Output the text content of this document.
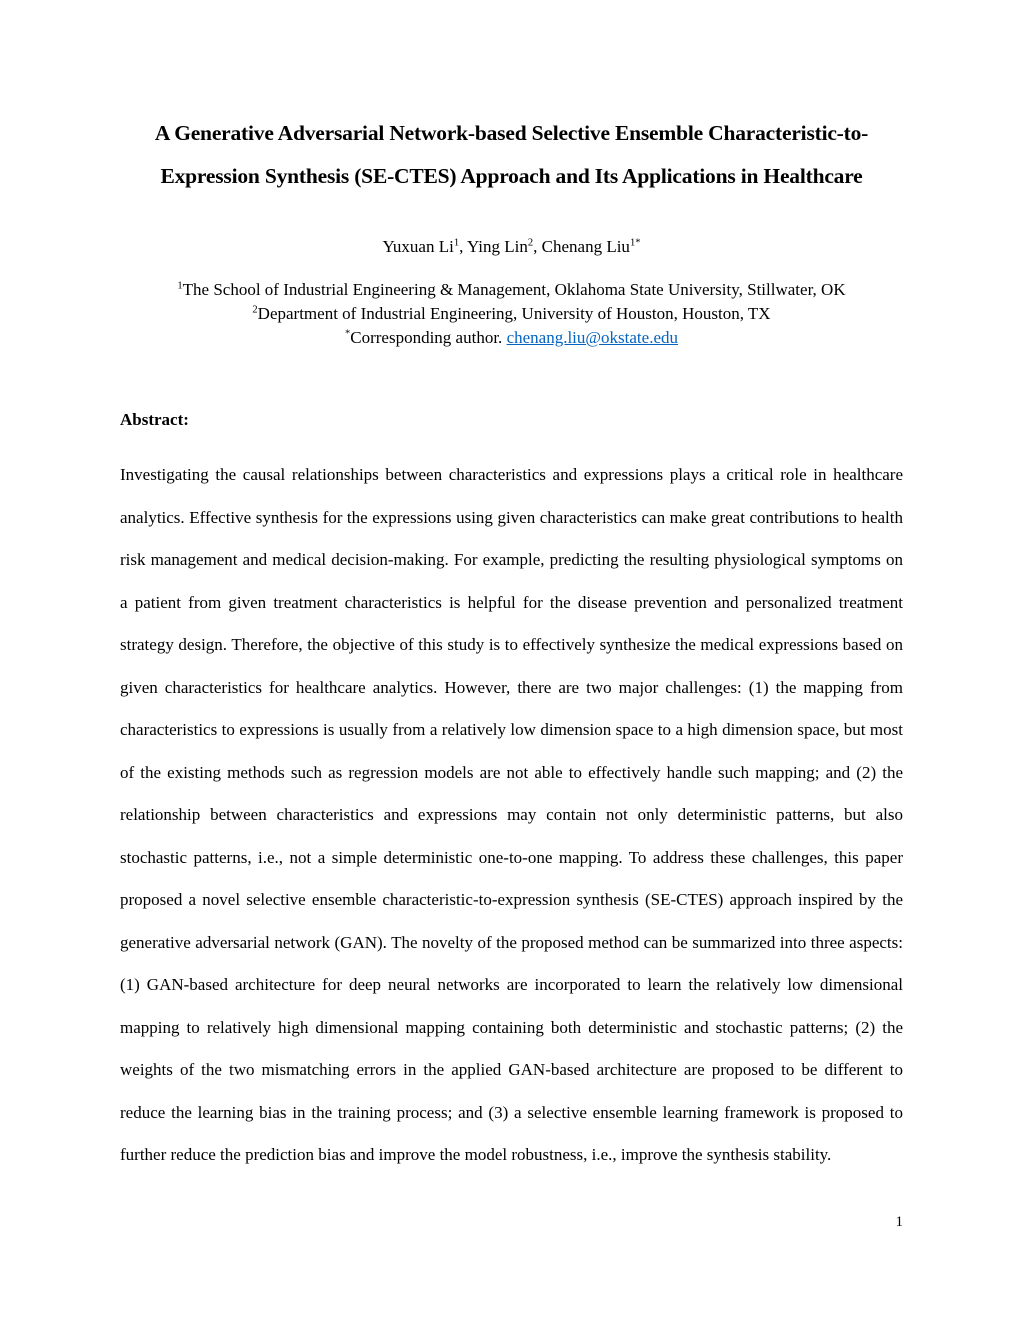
A Generative Adversarial Network-based Selective Ensemble Characteristic-to-
Expression Synthesis (SE-CTES) Approach and Its Applications in Healthcare

Yuxuan Li$^1$, Ying Lin$^2$, Chenang Liu$^{1*}$

$^1$The School of Industrial Engineering & Management, Oklahoma State University, Stillwater, OK
$^2$Department of Industrial Engineering, University of Houston, Houston, TX
*Corresponding author. chenang.liu@okstate.edu
Abstract:

Investigating the causal relationships between characteristics and expressions plays a critical role in healthcare analytics. Effective synthesis for the expressions using given characteristics can make great contributions to health risk management and medical decision-making. For example, predicting the resulting physiological symptoms on a patient from given treatment characteristics is helpful for the disease prevention and personalized treatment strategy design. Therefore, the objective of this study is to effectively synthesize the medical expressions based on given characteristics for healthcare analytics. However, there are two major challenges: (1) the mapping from characteristics to expressions is usually from a relatively low dimension space to a high dimension space, but most of the existing methods such as regression models are not able to effectively handle such mapping; and (2) the relationship between characteristics and expressions may contain not only deterministic patterns, but also stochastic patterns, i.e., not a simple deterministic one-to-one mapping. To address these challenges, this paper proposed a novel selective ensemble characteristic-to-expression synthesis (SE-CTES) approach inspired by the generative adversarial network (GAN). The novelty of the proposed method can be summarized into three aspects: (1) GAN-based architecture for deep neural networks are incorporated to learn the relatively low dimensional mapping to relatively high dimensional mapping containing both deterministic and stochastic patterns; (2) the weights of the two mismatching errors in the applied GAN-based architecture are proposed to be different to reduce the learning bias in the training process; and (3) a selective ensemble learning framework is proposed to further reduce the prediction bias and improve the model robustness, i.e., improve the synthesis stability.

1
